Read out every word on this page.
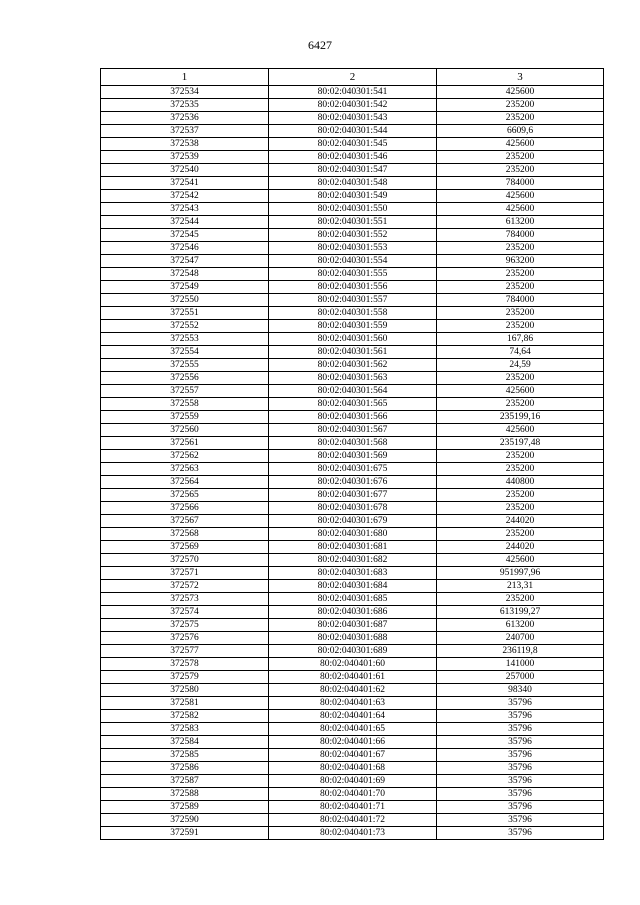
6427
1	2	3
372534	80:02:040301:541	425600
372535	80:02:040301:542	235200
372536	80:02:040301:543	235200
372537	80:02:040301:544	6609,6
372538	80:02:040301:545	425600
372539	80:02:040301:546	235200
372540	80:02:040301:547	235200
372541	80:02:040301:548	784000
372542	80:02:040301:549	425600
372543	80:02:040301:550	425600
372544	80:02:040301:551	613200
372545	80:02:040301:552	784000
372546	80:02:040301:553	235200
372547	80:02:040301:554	963200
372548	80:02:040301:555	235200
372549	80:02:040301:556	235200
372550	80:02:040301:557	784000
372551	80:02:040301:558	235200
372552	80:02:040301:559	235200
372553	80:02:040301:560	167,86
372554	80:02:040301:561	74,64
372555	80:02:040301:562	24,59
372556	80:02:040301:563	235200
372557	80:02:040301:564	425600
372558	80:02:040301:565	235200
372559	80:02:040301:566	235199,16
372560	80:02:040301:567	425600
372561	80:02:040301:568	235197,48
372562	80:02:040301:569	235200
372563	80:02:040301:675	235200
372564	80:02:040301:676	440800
372565	80:02:040301:677	235200
372566	80:02:040301:678	235200
372567	80:02:040301:679	244020
372568	80:02:040301:680	235200
372569	80:02:040301:681	244020
372570	80:02:040301:682	425600
372571	80:02:040301:683	951997,96
372572	80:02:040301:684	213,31
372573	80:02:040301:685	235200
372574	80:02:040301:686	613199,27
372575	80:02:040301:687	613200
372576	80:02:040301:688	240700
372577	80:02:040301:689	236119,8
372578	80:02:040401:60	141000
372579	80:02:040401:61	257000
372580	80:02:040401:62	98340
372581	80:02:040401:63	35796
372582	80:02:040401:64	35796
372583	80:02:040401:65	35796
372584	80:02:040401:66	35796
372585	80:02:040401:67	35796
372586	80:02:040401:68	35796
372587	80:02:040401:69	35796
372588	80:02:040401:70	35796
372589	80:02:040401:71	35796
372590	80:02:040401:72	35796
372591	80:02:040401:73	35796
